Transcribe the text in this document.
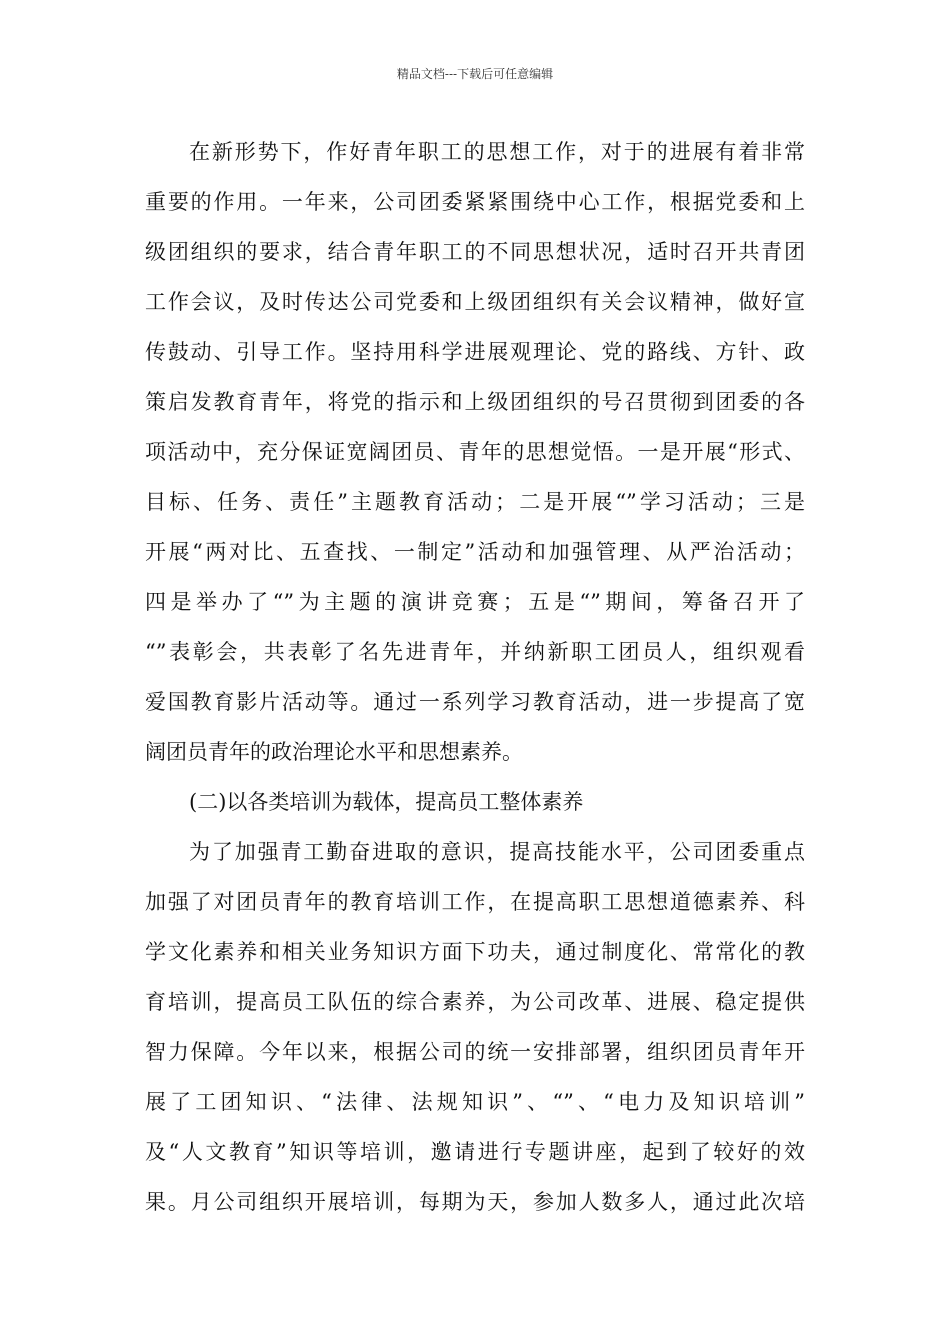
精品文档---下载后可任意编辑
在新形势下，作好青年职工的思想工作，对于的进展有着非常
重要的作用。一年来，公司团委紧紧围绕中心工作，根据党委和上
级团组织的要求，结合青年职工的不同思想状况，适时召开共青团
工作会议，及时传达公司党委和上级团组织有关会议精神，做好宣
传鼓动、引导工作。坚持用科学进展观理论、党的路线、方针、政
策启发教育青年，将党的指示和上级团组织的号召贯彻到团委的各
项活动中，充分保证宽阔团员、青年的思想觉悟。一是开展“形式、
目标、任务、责任”主题教育活动；二是开展“”学习活动；三是
开展“两对比、五查找、一制定”活动和加强管理、从严治活动；
四是举办了“”为主题的演讲竞赛；五是“”期间，筹备召开了
“”表彰会，共表彰了名先进青年，并纳新职工团员人，组织观看
爱国教育影片活动等。通过一系列学习教育活动，进一步提高了宽
阔团员青年的政治理论水平和思想素养。
(二)以各类培训为载体，提高员工整体素养
为了加强青工勤奋进取的意识，提高技能水平，公司团委重点
加强了对团员青年的教育培训工作，在提高职工思想道德素养、科
学文化素养和相关业务知识方面下功夫，通过制度化、常常化的教
育培训，提高员工队伍的综合素养，为公司改革、进展、稳定提供
智力保障。今年以来，根据公司的统一安排部署，组织团员青年开
展了工团知识、“法律、法规知识”、“”、“电力及知识培训”
及“人文教育”知识等培训，邀请进行专题讲座，起到了较好的效
果。月公司组织开展培训，每期为天，参加人数多人，通过此次培
